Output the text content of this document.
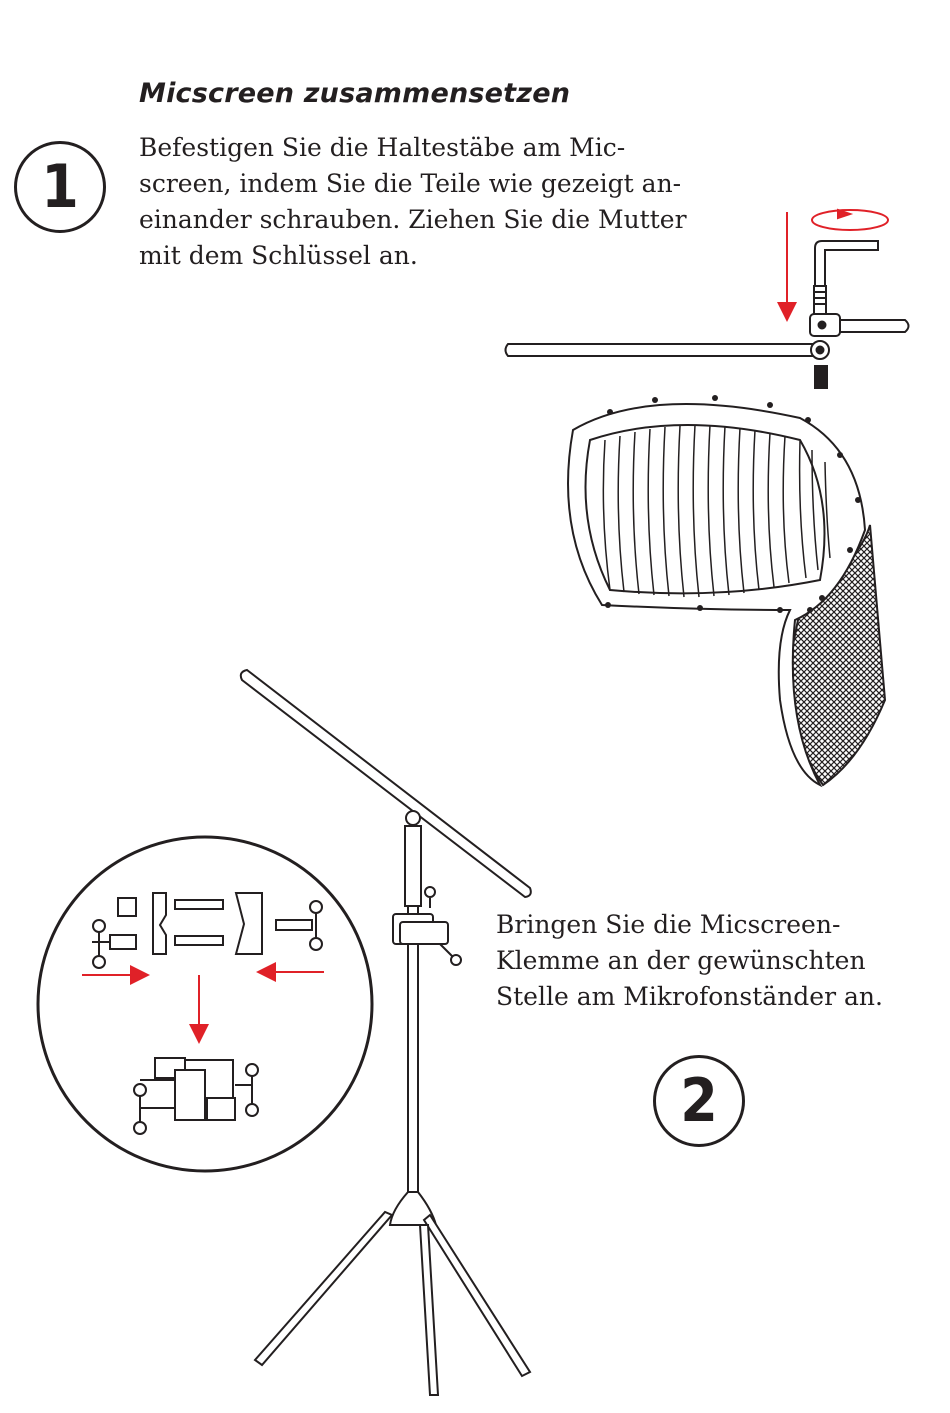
Micscreen zusammensetzen
1

Befestigen Sie die Haltestäbe am Mic-
screen, indem Sie die Teile wie gezeigt an-
einander schrauben. Ziehen Sie die Mutter
mit dem Schlüssel an.

Bringen Sie die Micscreen-
Klemme an der gewünschten
Stelle am Mikrofonständer an.

2
